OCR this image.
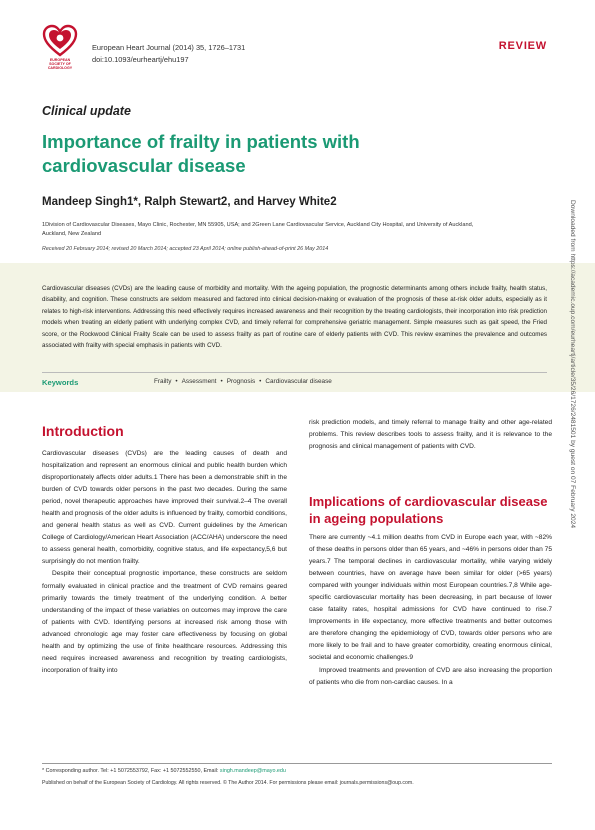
EUROPEAN
SOCIETY OF
CARDIOLOGY
European Heart Journal (2014) 35, 1726–1731
doi:10.1093/eurheartj/ehu197
REVIEW
Clinical update
Importance of frailty in patients with cardiovascular disease
Mandeep Singh1*, Ralph Stewart2, and Harvey White2
1Division of Cardiovascular Diseases, Mayo Clinic, Rochester, MN 55905, USA; and 2Green Lane Cardiovascular Service, Auckland City Hospital, and University of Auckland, Auckland, New Zealand
Received 20 February 2014; revised 20 March 2014; accepted 23 April 2014; online publish-ahead-of-print 26 May 2014
Cardiovascular diseases (CVDs) are the leading cause of morbidity and mortality. With the ageing population, the prognostic determinants among others include frailty, health status, disability, and cognition. These constructs are seldom measured and factored into clinical decision-making or evaluation of the prognosis of these at-risk older adults, especially as it relates to high-risk interventions. Addressing this need effectively requires increased awareness and their recognition by the treating cardiologists, their incorporation into risk prediction models when treating an elderly patient with underlying complex CVD, and timely referral for comprehensive geriatric management. Simple measures such as gait speed, the Fried score, or the Rockwood Clinical Frailty Scale can be used to assess frailty as part of routine care of elderly patients with CVD. This review examines the prevalence and outcomes associated with frailty with special emphasis in patients with CVD.
Keywords	Frailty • Assessment • Prognosis • Cardiovascular disease
Introduction

Cardiovascular diseases (CVDs) are the leading causes of death and hospitalization and represent an enormous clinical and public health burden which disproportionately affects older adults.1 There has been a demonstrable shift in the burden of CVD towards older persons in the past two decades. During the same period, novel therapeutic approaches have improved their survival.2–4 The overall health and prognosis of the older adults is influenced by frailty, comorbid conditions, and general health status as well as CVD. Current guidelines by the American College of Cardiology/American Heart Association (ACC/AHA) underscore the need to assess general health, comorbidity, cognitive status, and life expectancy,5,6 but surprisingly do not mention frailty.

Despite their conceptual prognostic importance, these constructs are seldom formally evaluated in clinical practice and the treatment of CVD remains geared primarily towards the timely treatment of the underlying condition. A better understanding of the impact of these variables on outcomes may improve the care of patients with CVD. Identifying persons at increased risk among those with advanced chronologic age may foster care effectiveness by focusing on global health and by optimizing the use of finite healthcare resources. Addressing this need requires increased awareness and recognition by treating cardiologists, incorporation of frailty into

risk prediction models, and timely referral to manage frailty and other age-related problems. This review describes tools to assess frailty, and it is relevance to the prognosis and clinical management of patients with CVD.

Implications of cardiovascular disease in ageing populations

There are currently ~4.1 million deaths from CVD in Europe each year, with ~82% of these deaths in persons older than 65 years, and ~46% in persons older than 75 years.7 The temporal declines in cardiovascular mortality, while varying widely between countries, have on average have been similar for older (>65 years) compared with younger individuals within most European countries.7,8 While age-specific cardiovascular mortality has been decreasing, in part because of lower case fatality rates, hospital admissions for CVD have continued to rise.7 Improvements in life expectancy, more effective treatments and better outcomes are therefore changing the epidemiology of CVD, towards older persons who are more likely to be frail and to have greater comorbidity, creating enormous clinical, societal and economic challenges.9

Improved treatments and prevention of CVD are also increasing the proportion of patients who die from non-cardiac causes. In a

* Corresponding author. Tel: +1 5072553792, Fax: +1 5072552550, Email: singh.mandeep@mayo.edu
Published on behalf of the European Society of Cardiology. All rights reserved. © The Author 2014. For permissions please email: journals.permissions@oup.com.
Downloaded from https://academic.oup.com/eurheartj/article/35/26/1726/2481501 by guest on 07 February 2024
